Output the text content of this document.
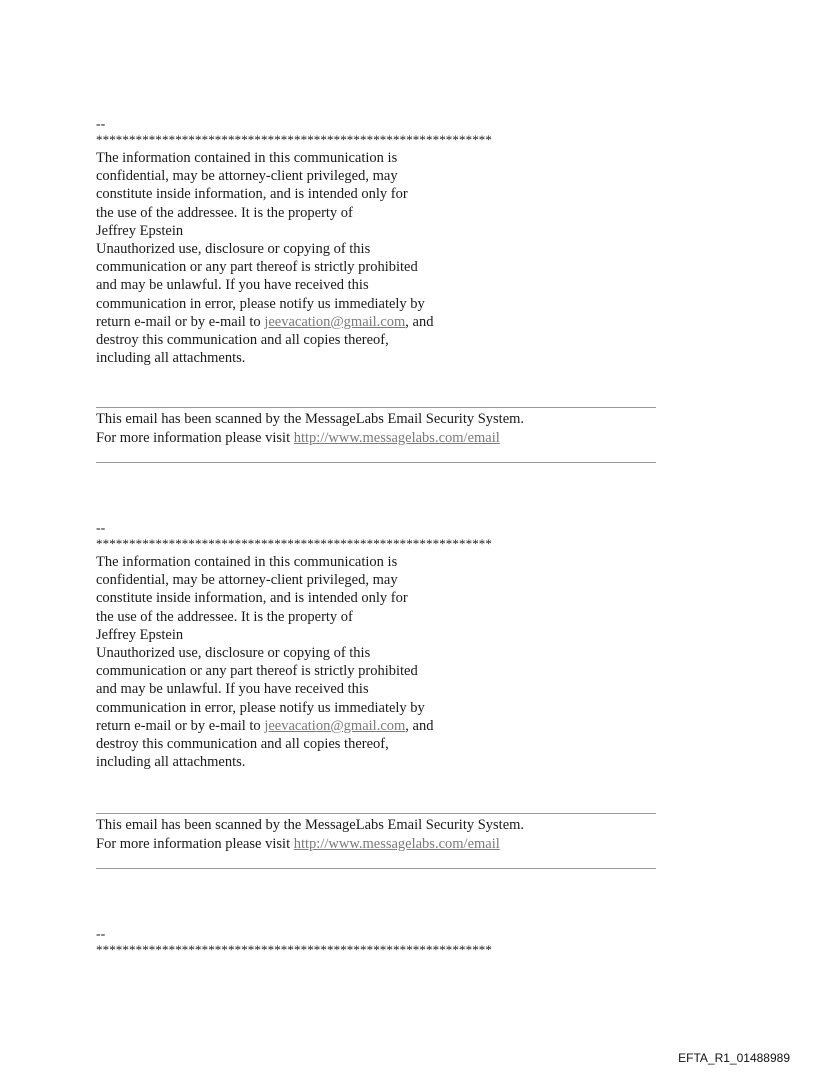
--
************************************************************
The information contained in this communication is
confidential, may be attorney-client privileged, may
constitute inside information, and is intended only for
the use of the addressee. It is the property of
Jeffrey Epstein
Unauthorized use, disclosure or copying of this
communication or any part thereof is strictly prohibited
and may be unlawful. If you have received this
communication in error, please notify us immediately by
return e-mail or by e-mail to jeevacation@gmail.com, and
destroy this communication and all copies thereof,
including all attachments.
This email has been scanned by the MessageLabs Email Security System.
For more information please visit http://www.messagelabs.com/email
--
************************************************************
The information contained in this communication is
confidential, may be attorney-client privileged, may
constitute inside information, and is intended only for
the use of the addressee. It is the property of
Jeffrey Epstein
Unauthorized use, disclosure or copying of this
communication or any part thereof is strictly prohibited
and may be unlawful. If you have received this
communication in error, please notify us immediately by
return e-mail or by e-mail to jeevacation@gmail.com, and
destroy this communication and all copies thereof,
including all attachments.
This email has been scanned by the MessageLabs Email Security System.
For more information please visit http://www.messagelabs.com/email
--
************************************************************
EFTA_R1_01488989
